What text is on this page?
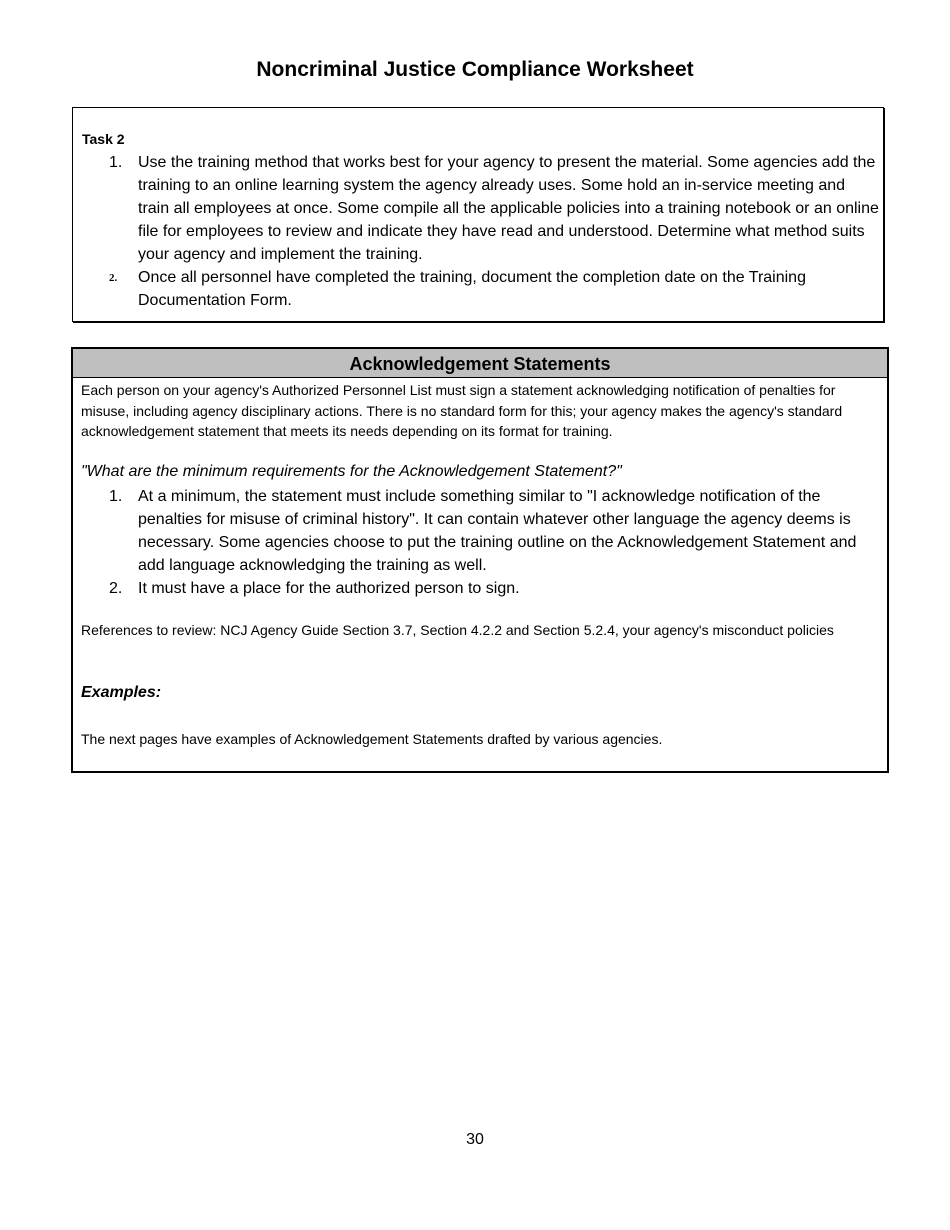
Noncriminal Justice Compliance Worksheet
Task 2
1. Use the training method that works best for your agency to present the material. Some agencies add the training to an online learning system the agency already uses. Some hold an in-service meeting and train all employees at once. Some compile all the applicable policies into a training notebook or an online file for employees to review and indicate they have read and understood. Determine what method suits your agency and implement the training.
2. Once all personnel have completed the training, document the completion date on the Training Documentation Form.
Acknowledgement Statements

Each person on your agency's Authorized Personnel List must sign a statement acknowledging notification of penalties for misuse, including agency disciplinary actions. There is no standard form for this; your agency makes the agency's standard acknowledgement statement that meets its needs depending on its format for training.

"What are the minimum requirements for the Acknowledgement Statement?"

1. At a minimum, the statement must include something similar to "I acknowledge notification of the penalties for misuse of criminal history". It can contain whatever other language the agency deems is necessary. Some agencies choose to put the training outline on the Acknowledgement Statement and add language acknowledging the training as well.
2. It must have a place for the authorized person to sign.

References to review: NCJ Agency Guide Section 3.7, Section 4.2.2 and Section 5.2.4, your agency's misconduct policies

Examples:

The next pages have examples of Acknowledgement Statements drafted by various agencies.

30
